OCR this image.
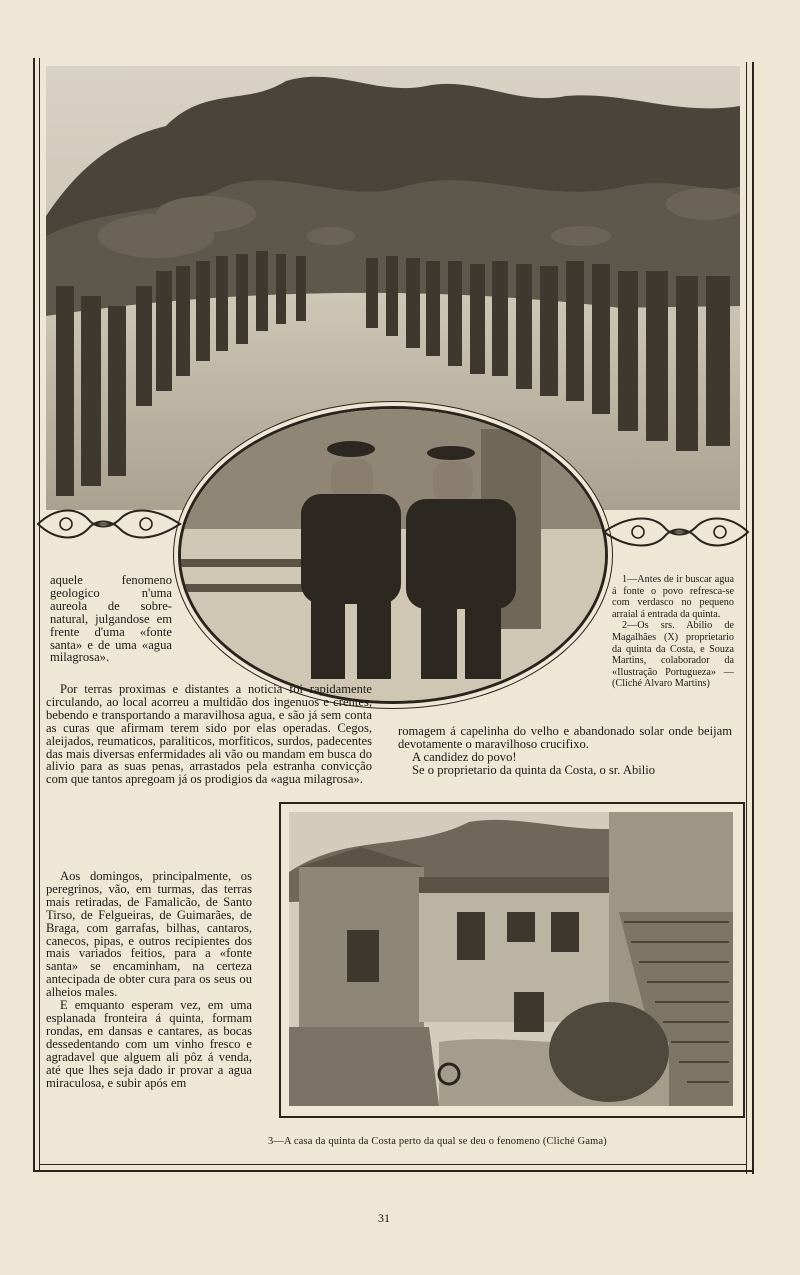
aquele fenomeno geologico n'uma aureola de sobre-natural, julgandose em frente d'uma «fonte santa» e de uma «agua milagrosa».

Por terras proximas e distantes a noticia foi rapidamente circulando, ao local acorreu a multidão dos ingenuos e crentes, bebendo e transportando a maravilhosa agua, e são já sem conta as curas que afirmam terem sido por elas operadas. Cegos, aleijados, reumaticos, paraliticos, morfiticos, surdos, padecentes das mais diversas enfermidades ali vão ou mandam em busca do alivio para as suas penas, arrastados pela estranha convicção com que tantos apregoam já os prodigios da «agua milagrosa».

Aos domingos, principalmente, os peregrinos, vão, em turmas, das terras mais retiradas, de Famalicão, de Santo Tirso, de Felgueiras, de Guimarães, de Braga, com garrafas, bilhas, cantaros, canecos, pipas, e outros recipientes dos mais variados feitios, para a «fonte santa» se encaminham, na certeza antecipada de obter cura para os seus ou alheios males.

E emquanto esperam vez, em uma esplanada fronteira á quinta, formam rondas, em dansas e cantares, as bocas dessedentando com um vinho fresco e agradavel que alguem ali pôz á venda, até que lhes seja dado ir provar a agua miraculosa, e subir após em

romagem á capelinha do velho e abandonado solar onde beijam devotamente o maravilhoso crucifixo.

A candidez do povo!

Se o proprietario da quinta da Costa, o sr. Abilio

1—Antes de ir buscar agua á fonte o povo refresca-se com verdasco no pequeno arraial á entrada da quinta.

2—Os srs. Abilio de Magalhães (X) proprietario da quinta da Costa, e Souza Martins, colaborador da «Ilustração Portugueza» — (Cliché Alvaro Martins)

3—A casa da quinta da Costa perto da qual se deu o fenomeno (Cliché Gama)
31
